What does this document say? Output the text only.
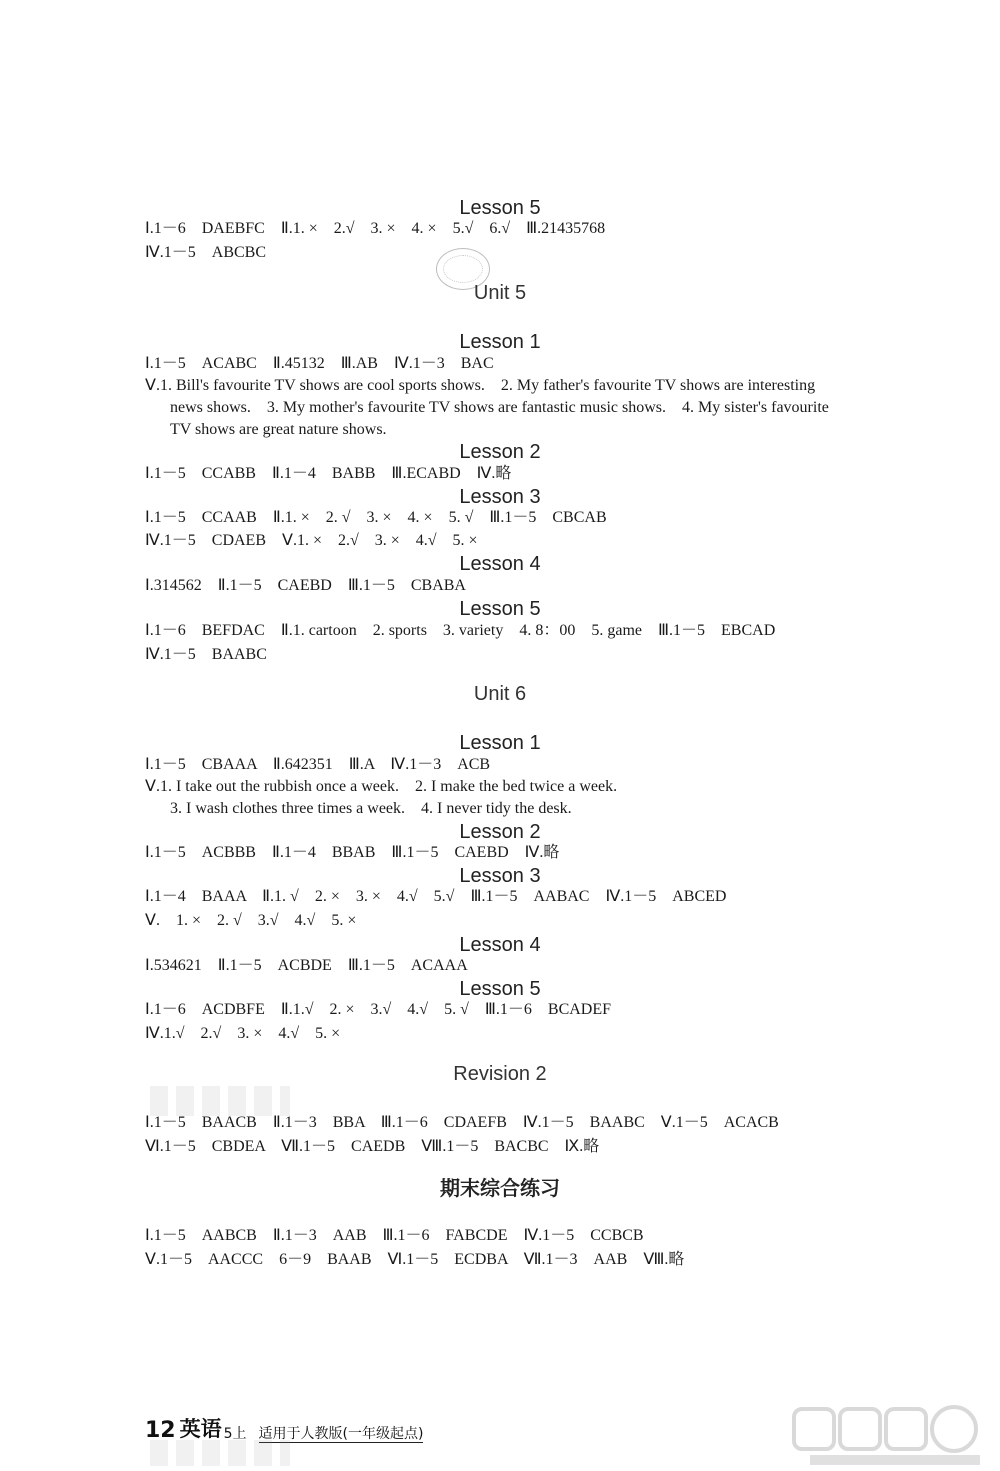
Lesson 5
Ⅰ.1－6　DAEBFC　Ⅱ.1. ×　2.√　3. ×　4. ×　5.√　6.√　Ⅲ.21435768
Ⅳ.1－5　ABCBC
Unit 5
Lesson 1
Ⅰ.1－5　ACABC　Ⅱ.45132　Ⅲ.AB　Ⅳ.1－3　BAC
Ⅴ.1. Bill's favourite TV shows are cool sports shows.　2. My father's favourite TV shows are interesting
news shows.　3. My mother's favourite TV shows are fantastic music shows.　4. My sister's favourite
TV shows are great nature shows.
Lesson 2
Ⅰ.1－5　CCABB　Ⅱ.1－4　BABB　Ⅲ.ECABD　Ⅳ.略
Lesson 3
Ⅰ.1－5　CCAAB　Ⅱ.1. ×　2. √　3. ×　4. ×　5. √　Ⅲ.1－5　CBCAB
Ⅳ.1－5　CDAEB　Ⅴ.1. ×　2.√　3. ×　4.√　5. ×
Lesson 4
Ⅰ.314562　Ⅱ.1－5　CAEBD　Ⅲ.1－5　CBABA
Lesson 5
Ⅰ.1－6　BEFDAC　Ⅱ.1. cartoon　2. sports　3. variety　4. 8：00　5. game　Ⅲ.1－5　EBCAD
Ⅳ.1－5　BAABC
Unit 6
Lesson 1
Ⅰ.1－5　CBAAA　Ⅱ.642351　Ⅲ.A　Ⅳ.1－3　ACB
Ⅴ.1. I take out the rubbish once a week.　2. I make the bed twice a week.
3. I wash clothes three times a week.　4. I never tidy the desk.
Lesson 2
Ⅰ.1－5　ACBBB　Ⅱ.1－4　BBAB　Ⅲ.1－5　CAEBD　Ⅳ.略
Lesson 3
Ⅰ.1－4　BAAA　Ⅱ.1. √　2. ×　3. ×　4.√　5.√　Ⅲ.1－5　AABAC　Ⅳ.1－5　ABCED
Ⅴ.　1. ×　2. √　3.√　4.√　5. ×
Lesson 4
Ⅰ.534621　Ⅱ.1－5　ACBDE　Ⅲ.1－5　ACAAA
Lesson 5
Ⅰ.1－6　ACDBFE　Ⅱ.1.√　2. ×　3.√　4.√　5. √　Ⅲ.1－6　BCADEF
Ⅳ.1.√　2.√　3. ×　4.√　5. ×
Revision 2
Ⅰ.1－5　BAACB　Ⅱ.1－3　BBA　Ⅲ.1－6　CDAEFB　Ⅳ.1－5　BAABC　Ⅴ.1－5　ACACB
Ⅵ.1－5　CBDEA　Ⅶ.1－5　CAEDB　Ⅷ.1－5　BACBC　Ⅸ.略
期末综合练习
Ⅰ.1－5　AABCB　Ⅱ.1－3　AAB　Ⅲ.1－6　FABCDE　Ⅳ.1－5　CCBCB
Ⅴ.1－5　AACCC　6－9　BAAB　Ⅵ.1－5　ECDBA　Ⅶ.1－3　AAB　Ⅷ.略
12 英语 5上 适用于人教版(一年级起点)
